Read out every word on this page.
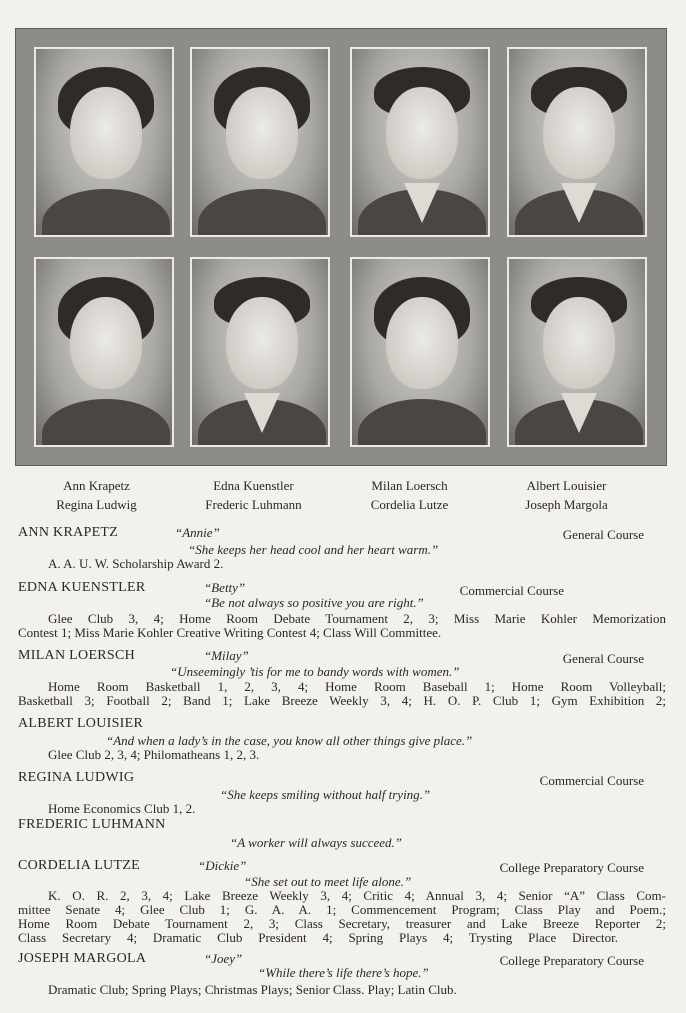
Ann Krapetz	Edna Kuenstler	Milan Loersch	Albert Louisier
Regina Ludwig	Frederic Luhmann	Cordelia Lutze	Joseph Margola
ANN KRAPETZ	“Annie”	General Course
“She keeps her head cool and her heart warm.”
A. A. U. W. Scholarship Award 2.
EDNA KUENSTLER	“Betty”	Commercial Course
“Be not always so positive you are right.”
Glee Club 3, 4; Home Room Debate Tournament 2, 3; Miss Marie Kohler Memorization
Contest 1; Miss Marie Kohler Creative Writing Contest 4; Class Will Committee.
MILAN LOERSCH	“Milay”	General Course
“Unseemingly ’tis for me to bandy words with women.”
Home Room Basketball 1, 2, 3, 4; Home Room Baseball 1; Home Room Volleyball;
Basketball 3; Football 2; Band 1; Lake Breeze Weekly 3, 4; H. O. P. Club 1; Gym Exhibition 2;
ALBERT LOUISIER
“And when a lady’s in the case, you know all other things give place.”
Glee Club 2, 3, 4; Philomatheans 1, 2, 3.
REGINA LUDWIG	Commercial Course
“She keeps smiling without half trying.”
Home Economics Club 1, 2.
FREDERIC LUHMANN
“A worker will always succeed.”
CORDELIA LUTZE	“Dickie”	College Preparatory Course
“She set out to meet life alone.”
K. O. R. 2, 3, 4; Lake Breeze Weekly 3, 4; Critic 4; Annual 3, 4; Senior “A” Class Com-
mittee Senate 4; Glee Club 1; G. A. A. 1; Commencement Program; Class Play and Poem.;
Home Room Debate Tournament 2, 3; Class Secretary, treasurer and Lake Breeze Reporter 2;
Class Secretary 4; Dramatic Club President 4; Spring Plays 4; Trysting Place Director.
JOSEPH MARGOLA	“Joey”	College Preparatory Course
“While there’s life there’s hope.”
Dramatic Club; Spring Plays; Christmas Plays; Senior Class. Play; Latin Club.
